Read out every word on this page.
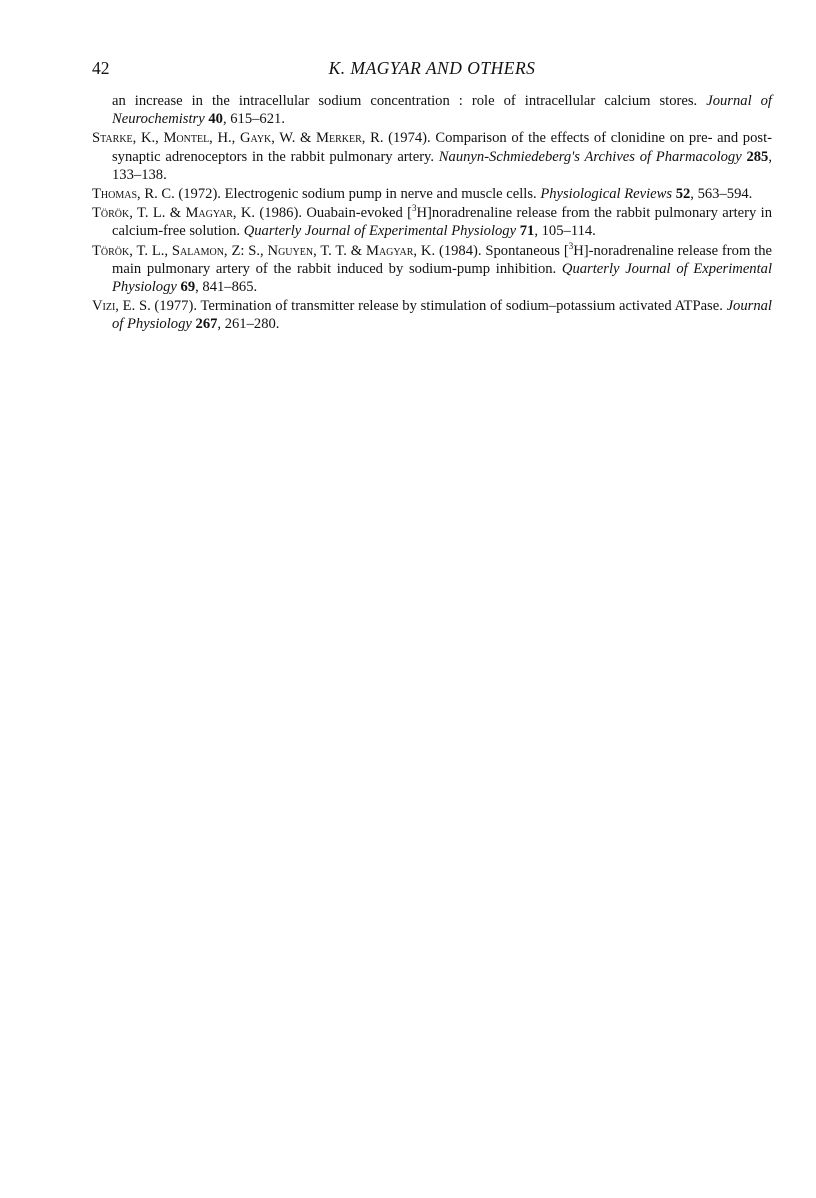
42	K. MAGYAR AND OTHERS

an increase in the intracellular sodium concentration : role of intracellular calcium stores. Journal of Neurochemistry 40, 615–621.

Starke, K., Montel, H., Gayk, W. & Merker, R. (1974). Comparison of the effects of clonidine on pre- and post-synaptic adrenoceptors in the rabbit pulmonary artery. Naunyn-Schmiedeberg's Archives of Pharmacology 285, 133–138.

Thomas, R. C. (1972). Electrogenic sodium pump in nerve and muscle cells. Physiological Reviews 52, 563–594.

Török, T. L. & Magyar, K. (1986). Ouabain-evoked [$^3$H]noradrenaline release from the rabbit pulmonary artery in calcium-free solution. Quarterly Journal of Experimental Physiology 71, 105–114.

Török, T. L., Salamon, Z: S., Nguyen, T. T. & Magyar, K. (1984). Spontaneous [$^3$H]-noradrenaline release from the main pulmonary artery of the rabbit induced by sodium-pump inhibition. Quarterly Journal of Experimental Physiology 69, 841–865.

Vizi, E. S. (1977). Termination of transmitter release by stimulation of sodium–potassium activated ATPase. Journal of Physiology 267, 261–280.
